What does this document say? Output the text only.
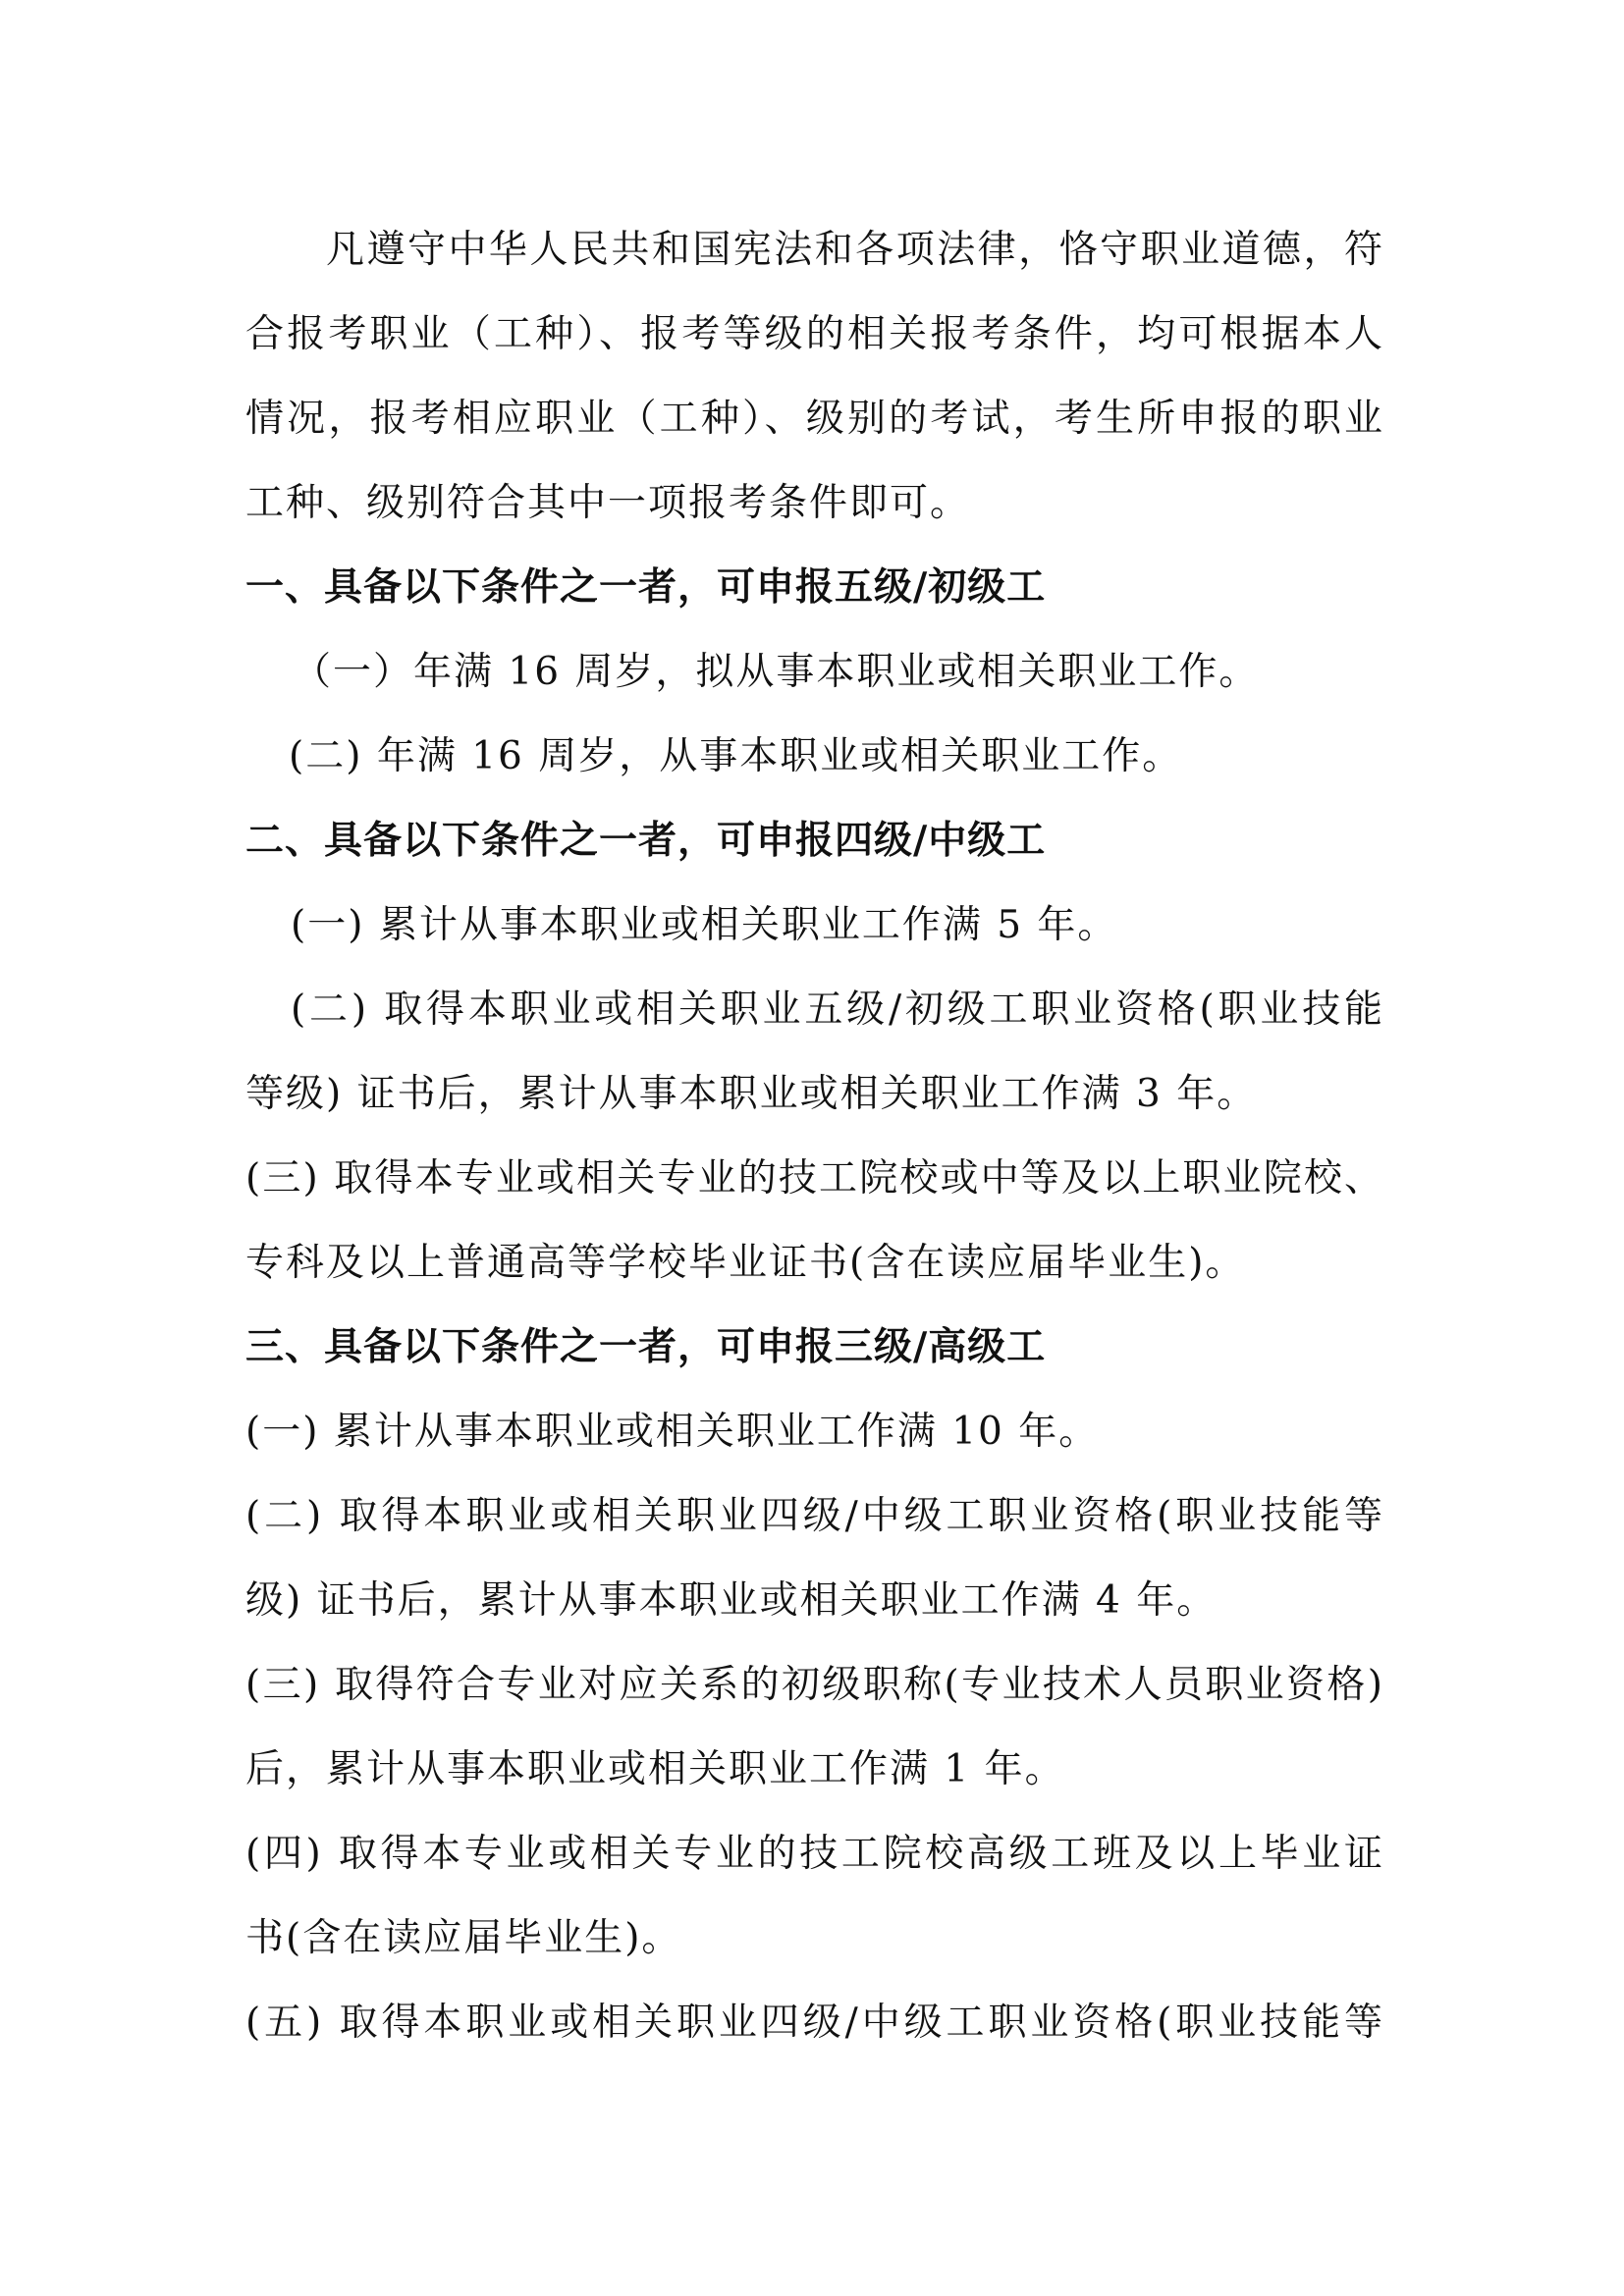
凡遵守中华人民共和国宪法和各项法律，恪守职业道德，符
合报考职业（工种）、报考等级的相关报考条件，均可根据本人
情况，报考相应职业（工种）、级别的考试，考生所申报的职业
工种、级别符合其中一项报考条件即可。
一、具备以下条件之一者，可申报五级/初级工
（一）年满 16 周岁，拟从事本职业或相关职业工作。
(二) 年满 16 周岁，从事本职业或相关职业工作。
二、具备以下条件之一者，可申报四级/中级工
(一) 累计从事本职业或相关职业工作满 5 年。
(二) 取得本职业或相关职业五级/初级工职业资格(职业技能
等级) 证书后，累计从事本职业或相关职业工作满 3 年。
(三) 取得本专业或相关专业的技工院校或中等及以上职业院校、
专科及以上普通高等学校毕业证书(含在读应届毕业生)。
三、具备以下条件之一者，可申报三级/高级工
(一) 累计从事本职业或相关职业工作满 10 年。
(二) 取得本职业或相关职业四级/中级工职业资格(职业技能等
级) 证书后，累计从事本职业或相关职业工作满 4 年。
(三) 取得符合专业对应关系的初级职称(专业技术人员职业资格)
后，累计从事本职业或相关职业工作满 1 年。
(四) 取得本专业或相关专业的技工院校高级工班及以上毕业证
书(含在读应届毕业生)。
(五) 取得本职业或相关职业四级/中级工职业资格(职业技能等
